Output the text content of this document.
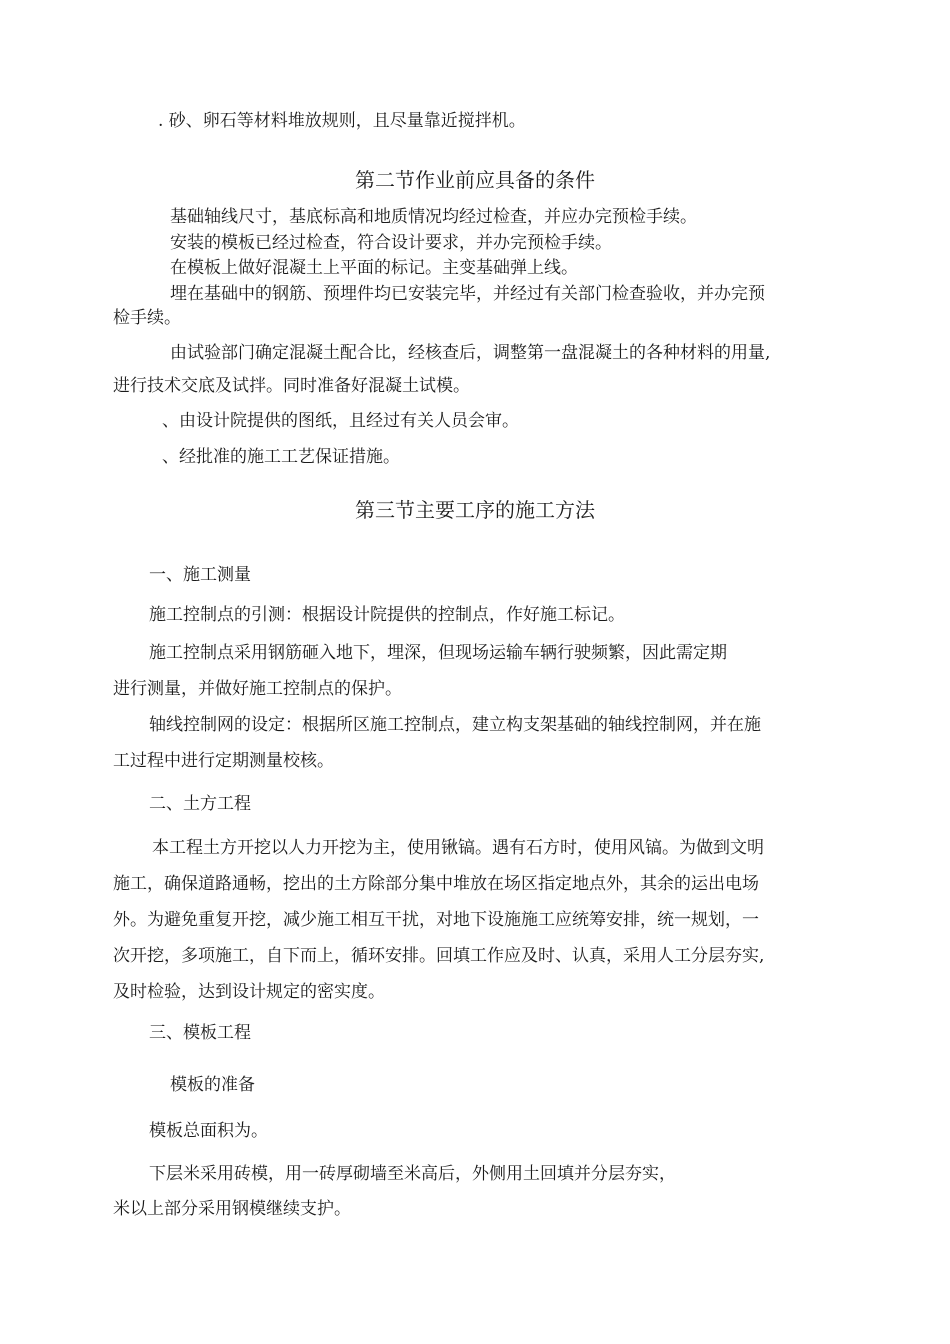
. 砂、卵石等材料堆放规则，且尽量靠近搅拌机。
第二节作业前应具备的条件
基础轴线尺寸，基底标高和地质情况均经过检查，并应办完预检手续。
安装的模板已经过检查，符合设计要求，并办完预检手续。
在模板上做好混凝土上平面的标记。主变基础弹上线。
埋在基础中的钢筋、预埋件均已安装完毕，并经过有关部门检查验收，并办完预
检手续。
由试验部门确定混凝土配合比，经核查后，调整第一盘混凝土的各种材料的用量,
进行技术交底及试拌。同时准备好混凝土试模。
、由设计院提供的图纸，且经过有关人员会审。
、经批准的施工工艺保证措施。
第三节主要工序的施工方法
一、施工测量
施工控制点的引测：根据设计院提供的控制点，作好施工标记。
施工控制点采用钢筋砸入地下，埋深，但现场运输车辆行驶频繁，因此需定期
进行测量，并做好施工控制点的保护。
轴线控制网的设定：根据所区施工控制点，建立构支架基础的轴线控制网，并在施
工过程中进行定期测量校核。
二、土方工程
本工程土方开挖以人力开挖为主，使用锹镐。遇有石方时，使用风镐。为做到文明
施工，确保道路通畅，挖出的土方除部分集中堆放在场区指定地点外，其余的运出电场
外。为避免重复开挖，减少施工相互干扰，对地下设施施工应统筹安排，统一规划，一
次开挖，多项施工，自下而上，循环安排。回填工作应及时、认真，采用人工分层夯实,
及时检验，达到设计规定的密实度。
三、模板工程
模板的准备
模板总面积为。
下层米采用砖模，用一砖厚砌墙至米高后，外侧用土回填并分层夯实，
米以上部分采用钢模继续支护。
